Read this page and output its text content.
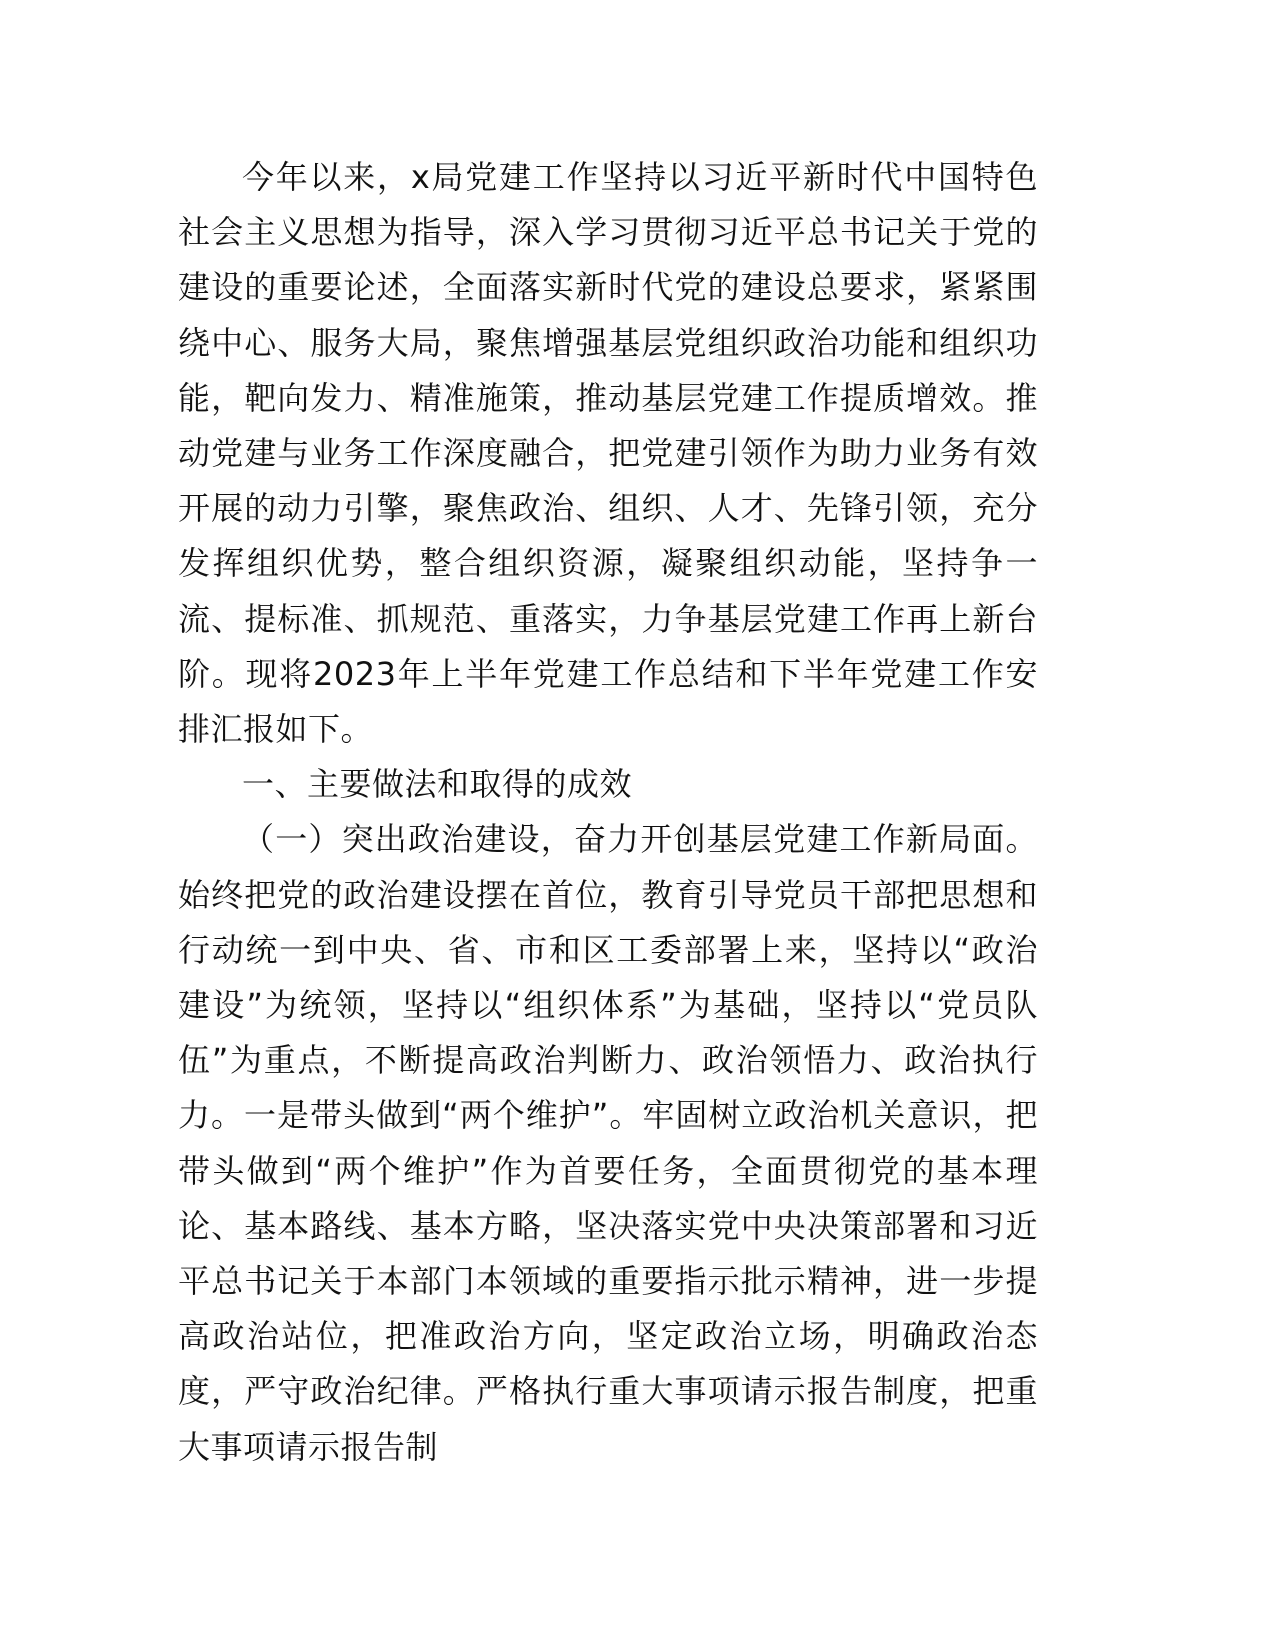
今年以来，x局党建工作坚持以习近平新时代中国特色社会主义思想为指导，深入学习贯彻习近平总书记关于党的建设的重要论述，全面落实新时代党的建设总要求，紧紧围绕中心、服务大局，聚焦增强基层党组织政治功能和组织功能，靶向发力、精准施策，推动基层党建工作提质增效。推动党建与业务工作深度融合，把党建引领作为助力业务有效开展的动力引擎，聚焦政治、组织、人才、先锋引领，充分发挥组织优势，整合组织资源，凝聚组织动能，坚持争一流、提标准、抓规范、重落实，力争基层党建工作再上新台阶。现将2023年上半年党建工作总结和下半年党建工作安排汇报如下。

一、主要做法和取得的成效

（一）突出政治建设，奋力开创基层党建工作新局面。始终把党的政治建设摆在首位，教育引导党员干部把思想和行动统一到中央、省、市和区工委部署上来，坚持以“政治建设”为统领，坚持以“组织体系”为基础，坚持以“党员队伍”为重点，不断提高政治判断力、政治领悟力、政治执行力。一是带头做到“两个维护”。牢固树立政治机关意识，把带头做到“两个维护”作为首要任务，全面贯彻党的基本理论、基本路线、基本方略，坚决落实党中央决策部署和习近平总书记关于本部门本领域的重要指示批示精神，进一步提高政治站位，把准政治方向，坚定政治立场，明确政治态度，严守政治纪律。严格执行重大事项请示报告制度，把重大事项请示报告制
